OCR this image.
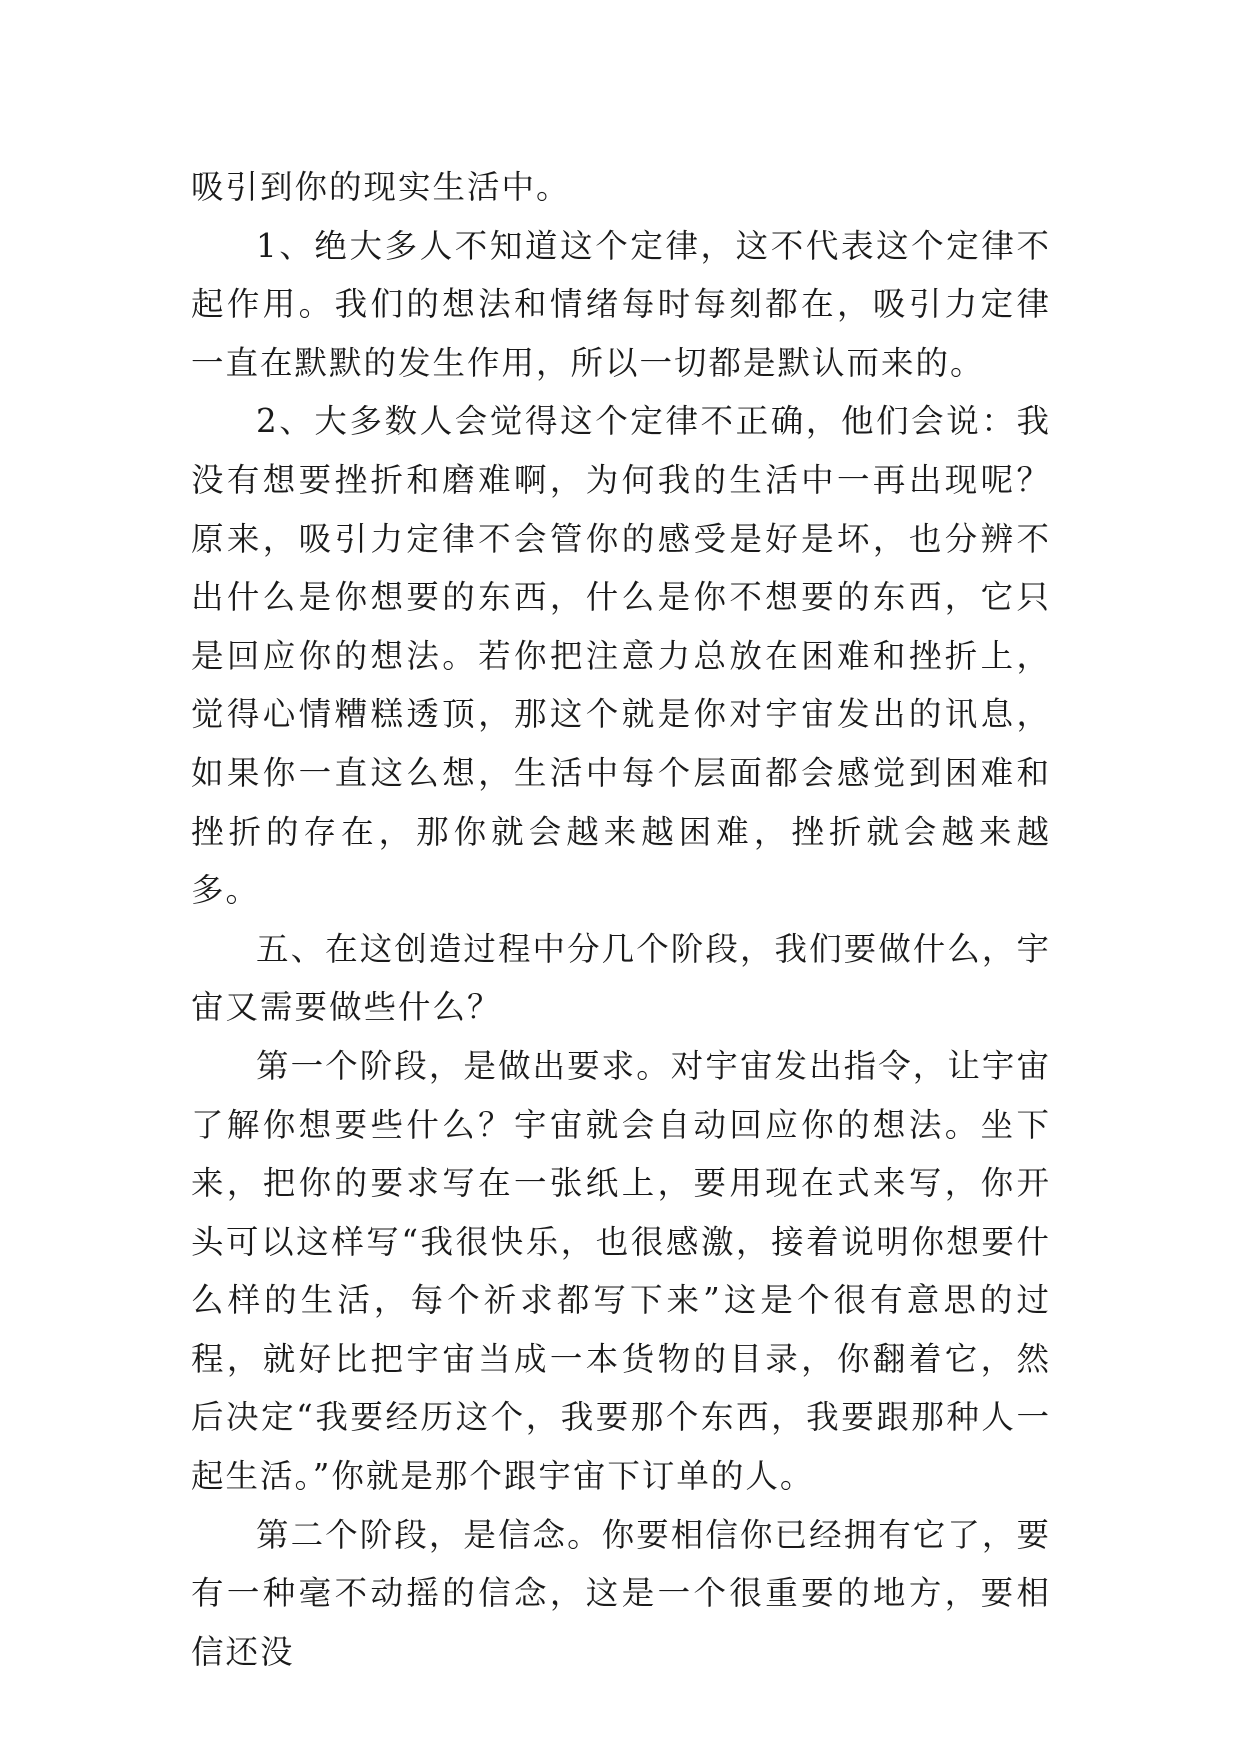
吸引到你的现实生活中。

1、绝大多人不知道这个定律，这不代表这个定律不起作用。我们的想法和情绪每时每刻都在，吸引力定律一直在默默的发生作用，所以一切都是默认而来的。

2、大多数人会觉得这个定律不正确，他们会说：我没有想要挫折和磨难啊，为何我的生活中一再出现呢？原来，吸引力定律不会管你的感受是好是坏，也分辨不出什么是你想要的东西，什么是你不想要的东西，它只是回应你的想法。若你把注意力总放在困难和挫折上，觉得心情糟糕透顶，那这个就是你对宇宙发出的讯息，如果你一直这么想，生活中每个层面都会感觉到困难和挫折的存在，那你就会越来越困难，挫折就会越来越多。

五、在这创造过程中分几个阶段，我们要做什么，宇宙又需要做些什么？

第一个阶段，是做出要求。对宇宙发出指令，让宇宙了解你想要些什么？宇宙就会自动回应你的想法。坐下来，把你的要求写在一张纸上，要用现在式来写，你开头可以这样写“我很快乐，也很感激，接着说明你想要什么样的生活，每个祈求都写下来”这是个很有意思的过程，就好比把宇宙当成一本货物的目录，你翻着它，然后决定“我要经历这个，我要那个东西，我要跟那种人一起生活。”你就是那个跟宇宙下订单的人。

第二个阶段，是信念。你要相信你已经拥有它了，要有一种毫不动摇的信念，这是一个很重要的地方，要相信还没
